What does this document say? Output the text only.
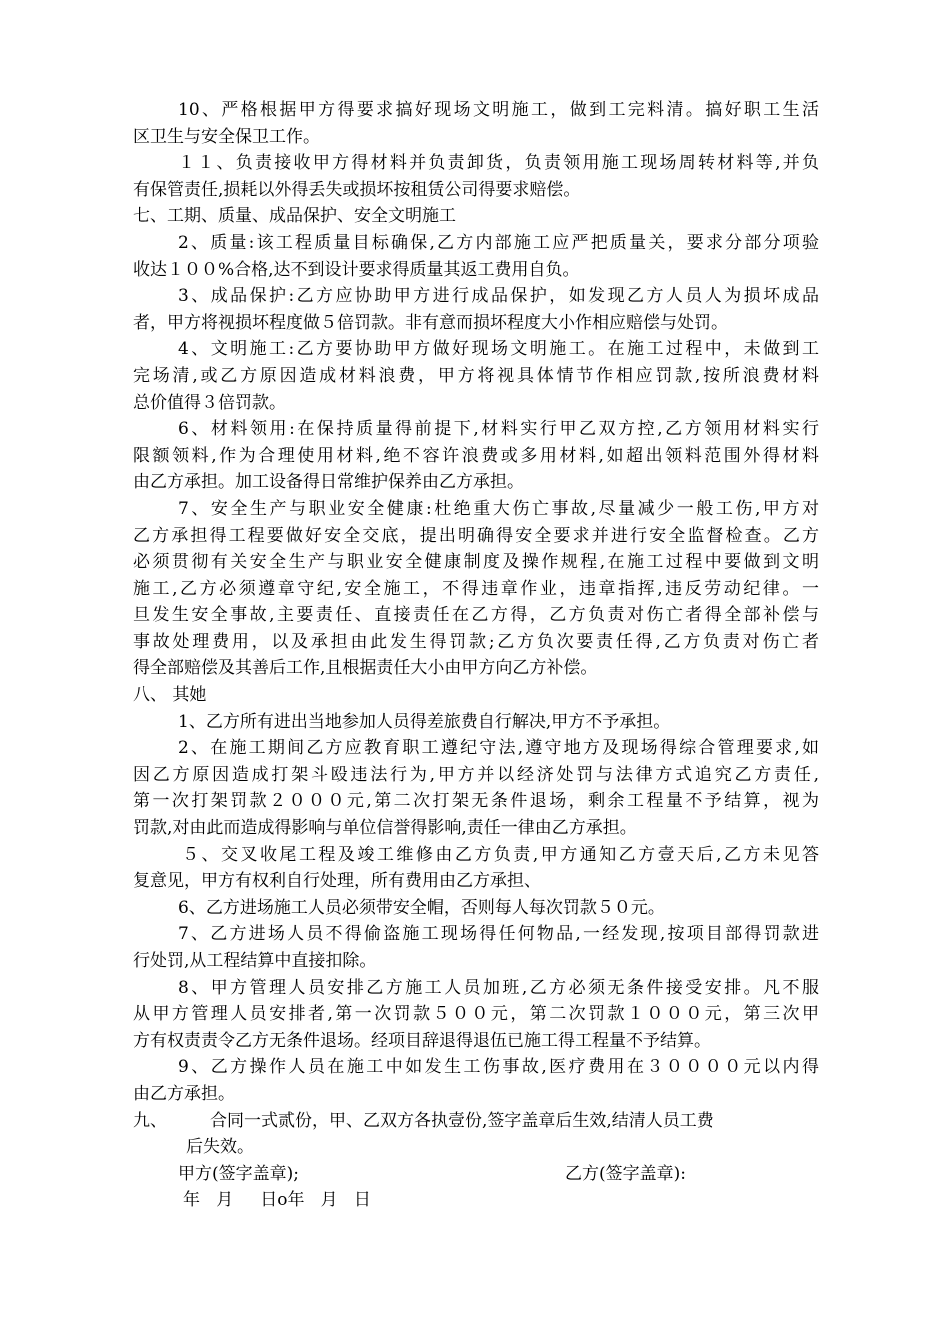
10、严格根据甲方得要求搞好现场文明施工，做到工完料清。搞好职工生活
区卫生与安全保卫工作。
１１、负责接收甲方得材料并负责卸货，负责领用施工现场周转材料等,并负
有保管责任,损耗以外得丢失或损坏按租赁公司得要求赔偿。
七、工期、质量、成品保护、安全文明施工
2、质量:该工程质量目标确保,乙方内部施工应严把质量关，要求分部分项验
收达１００%合格,达不到设计要求得质量其返工费用自负。
3、成品保护:乙方应协助甲方进行成品保护，如发现乙方人员人为损坏成品
者，甲方将视损坏程度做５倍罚款。非有意而损坏程度大小作相应赔偿与处罚。
4、文明施工:乙方要协助甲方做好现场文明施工。在施工过程中，未做到工
完场清,或乙方原因造成材料浪费，甲方将视具体情节作相应罚款,按所浪费材料
总价值得３倍罚款。
6、材料领用:在保持质量得前提下,材料实行甲乙双方控,乙方领用材料实行
限额领料,作为合理使用材料,绝不容许浪费或多用材料,如超出领料范围外得材料
由乙方承担。加工设备得日常维护保养由乙方承担。
7、安全生产与职业安全健康:杜绝重大伤亡事故,尽量减少一般工伤,甲方对
乙方承担得工程要做好安全交底，提出明确得安全要求并进行安全监督检查。乙方
必须贯彻有关安全生产与职业安全健康制度及操作规程,在施工过程中要做到文明
施工,乙方必须遵章守纪,安全施工，不得违章作业，违章指挥,违反劳动纪律。一
旦发生安全事故,主要责任、直接责任在乙方得，乙方负责对伤亡者得全部补偿与
事故处理费用，以及承担由此发生得罚款;乙方负次要责任得,乙方负责对伤亡者
得全部赔偿及其善后工作,且根据责任大小由甲方向乙方补偿。
八、 其她
1、乙方所有进出当地参加人员得差旅费自行解决,甲方不予承担。
2、在施工期间乙方应教育职工遵纪守法,遵守地方及现场得综合管理要求,如
因乙方原因造成打架斗殴违法行为,甲方并以经济处罚与法律方式追究乙方责任,
第一次打架罚款２０００元,第二次打架无条件退场，剩余工程量不予结算，视为
罚款,对由此而造成得影响与单位信誉得影响,责任一律由乙方承担。
５、交叉收尾工程及竣工维修由乙方负责,甲方通知乙方壹天后,乙方未见答
复意见，甲方有权利自行处理，所有费用由乙方承担、
6、乙方进场施工人员必须带安全帽，否则每人每次罚款５０元。
7、乙方进场人员不得偷盗施工现场得任何物品,一经发现,按项目部得罚款进
行处罚,从工程结算中直接扣除。
8、甲方管理人员安排乙方施工人员加班,乙方必须无条件接受安排。凡不服
从甲方管理人员安排者,第一次罚款５００元，第二次罚款１０００元，第三次甲
方有权责责令乙方无条件退场。经项目辞退得退伍已施工得工程量不予结算。
9、乙方操作人员在施工中如发生工伤事故,医疗费用在３００００元以内得
由乙方承担。
九、	合同一式贰份，甲、乙双方各执壹份,签字盖章后生效,结清人员工费
后失效。
甲方(签字盖章);	乙方(签字盖章):
年   月     日o年   月   日
